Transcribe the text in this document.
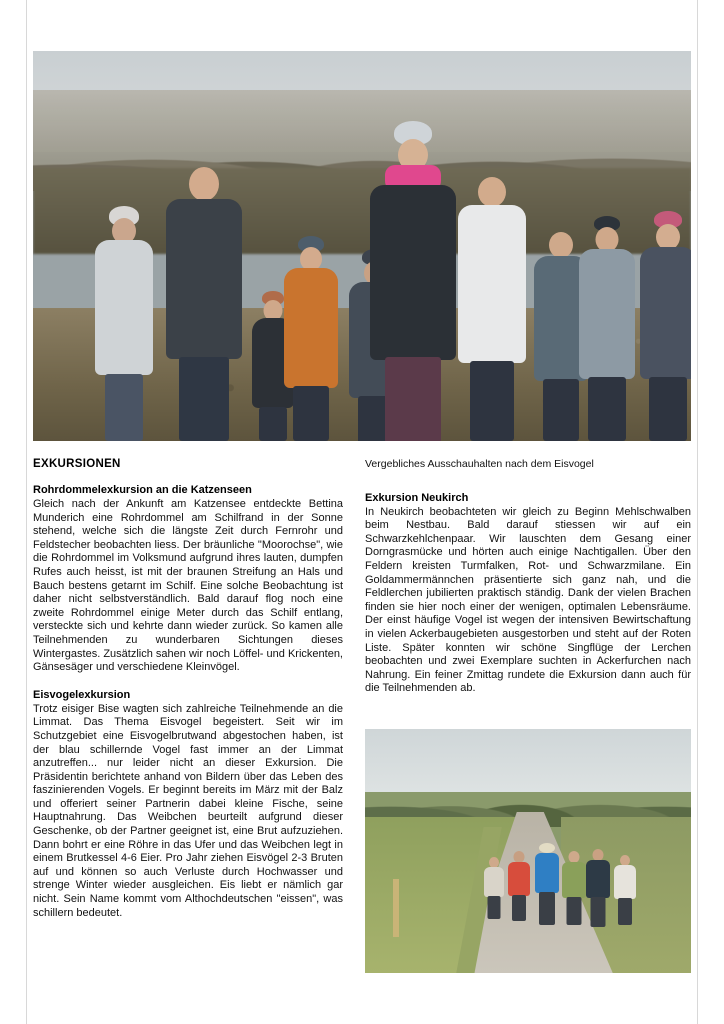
EXKURSIONEN
Rohrdommelexkursion an die Katzenseen

Gleich nach der Ankunft am Katzensee entdeckte Bettina Munderich eine Rohrdommel am Schilfrand in der Sonne stehend, welche sich die längste Zeit durch Fernrohr und Feldstecher beobachten liess. Der bräunliche "Moorochse", wie die Rohrdommel im Volksmund aufgrund ihres lauten, dumpfen Rufes auch heisst, ist mit der braunen Streifung an Hals und Bauch bestens getarnt im Schilf. Eine solche Beobachtung ist daher nicht selbstverständlich. Bald darauf flog noch eine zweite Rohrdommel einige Meter durch das Schilf entlang, versteckte sich und kehrte dann wieder zurück. So kamen alle Teilnehmenden zu wunderbaren Sichtungen dieses Wintergastes. Zusätzlich sahen wir noch Löffel- und Krickenten, Gänsesäger und verschiedene Kleinvögel.

Eisvogelexkursion

Trotz eisiger Bise wagten sich zahlreiche Teilnehmende an die Limmat. Das Thema Eisvogel begeistert. Seit wir im Schutzgebiet eine Eisvogelbrutwand abgestochen haben, ist der blau schillernde Vogel fast immer an der Limmat anzutreffen... nur leider nicht an dieser Exkursion. Die Präsidentin berichtete anhand von Bildern über das Leben des faszinierenden Vogels. Er beginnt bereits im März mit der Balz und offeriert seiner Partnerin dabei kleine Fische, seine Hauptnahrung. Das Weibchen beurteilt aufgrund dieser Geschenke, ob der Partner geeignet ist, eine Brut aufzuziehen. Dann bohrt er eine Röhre in das Ufer und das Weibchen legt in einem Brutkessel 4-6 Eier. Pro Jahr ziehen Eisvögel 2-3 Bruten auf und können so auch Verluste durch Hochwasser und strenge Winter wieder ausgleichen. Eis liebt er nämlich gar nicht. Sein Name kommt vom Althochdeutschen "eissen", was schillern bedeutet.

Vergebliches Ausschauhalten nach dem Eisvogel
Exkursion Neukirch

In Neukirch beobachteten wir gleich zu Beginn Mehlschwalben beim Nestbau. Bald darauf stiessen wir auf ein Schwarzkehlchenpaar. Wir lauschten dem Gesang einer Dorngrasmücke und hörten auch einige Nachtigallen. Über den Feldern kreisten Turmfalken, Rot- und Schwarzmilane. Ein Goldammermännchen präsentierte sich ganz nah, und die Feldlerchen jubilierten praktisch ständig. Dank der vielen Brachen finden sie hier noch einer der wenigen, optimalen Lebensräume. Der einst häufige Vogel ist wegen der intensiven Bewirtschaftung in vielen Ackerbaugebieten ausgestorben und steht auf der Roten Liste. Später konnten wir schöne Singflüge der Lerchen beobachten und zwei Exemplare suchten in Ackerfurchen nach Nahrung. Ein feiner Zmittag rundete die Exkursion dann auch für die Teilnehmenden ab.
